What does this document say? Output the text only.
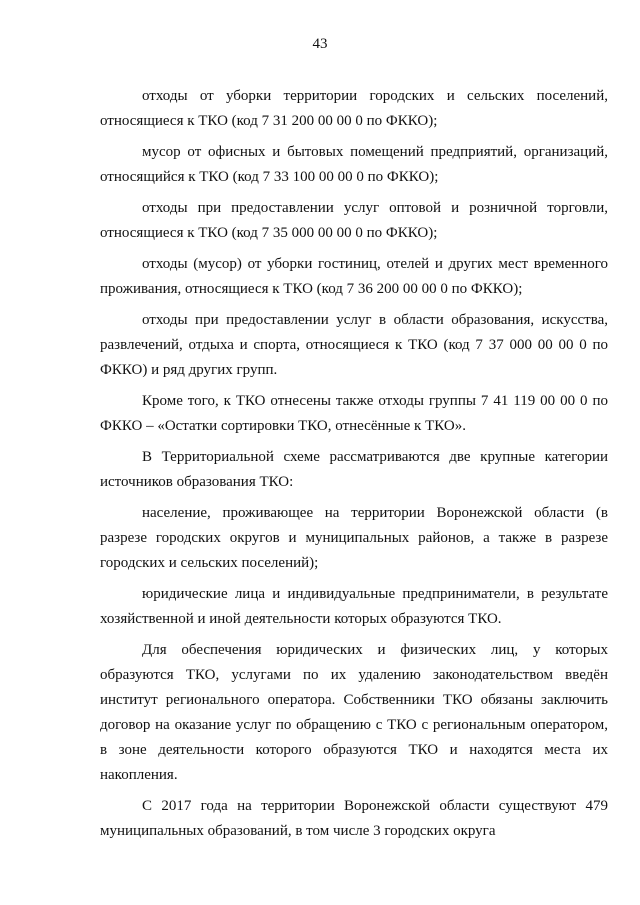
43

отходы от уборки территории городских и сельских поселений, относящиеся к ТКО (код 7 31 200 00 00 0 по ФККО);

мусор от офисных и бытовых помещений предприятий, организаций, относящийся к ТКО (код 7 33 100 00 00 0 по ФККО);

отходы при предоставлении услуг оптовой и розничной торговли, относящиеся к ТКО (код 7 35 000 00 00 0 по ФККО);

отходы (мусор) от уборки гостиниц, отелей и других мест временного проживания, относящиеся к ТКО (код 7 36 200 00 00 0 по ФККО);

отходы при предоставлении услуг в области образования, искусства, развлечений, отдыха и спорта, относящиеся к ТКО (код 7 37 000 00 00 0 по ФККО) и ряд других групп.

Кроме того, к ТКО отнесены также отходы группы 7 41 119 00 00 0 по ФККО – «Остатки сортировки ТКО, отнесённые к ТКО».

В Территориальной схеме рассматриваются две крупные категории источников образования ТКО:

население, проживающее на территории Воронежской области (в разрезе городских округов и муниципальных районов, а также в разрезе городских и сельских поселений);

юридические лица и индивидуальные предприниматели, в результате хозяйственной и иной деятельности которых образуются ТКО.

Для обеспечения юридических и физических лиц, у которых образуются ТКО, услугами по их удалению законодательством введён институт регионального оператора. Собственники ТКО обязаны заключить договор на оказание услуг по обращению с ТКО с региональным оператором, в зоне деятельности которого образуются ТКО и находятся места их накопления.

С 2017 года на территории Воронежской области существуют 479 муниципальных образований, в том числе 3 городских округа
